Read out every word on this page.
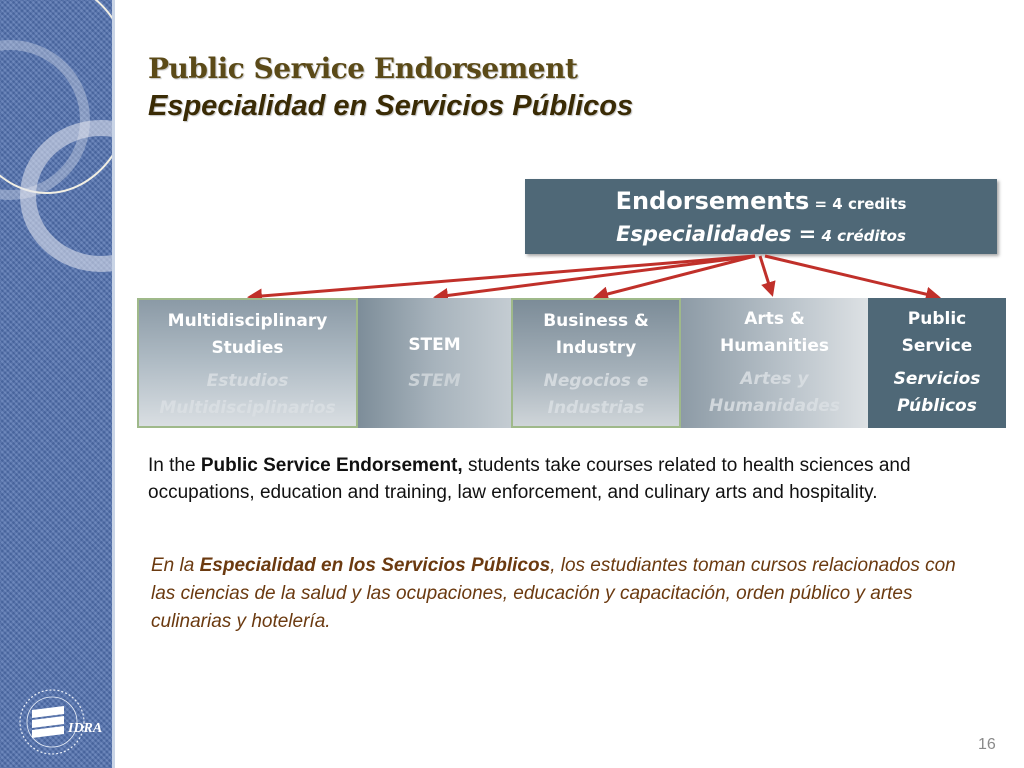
IDRA
Public Service Endorsement
Especialidad en Servicios Públicos
Endorsements = 4 credits
Especialidades = 4 créditos
Multidisciplinary
Studies
Estudios
Multidisciplinarios
STEM
STEM
Business &
Industry
Negocios e
Industrias
Arts &
Humanities
Artes y
Humanidades
Public
Service
Servicios
Públicos
In the Public Service Endorsement, students take courses related to health sciences and occupations, education and training, law enforcement, and culinary arts and hospitality.
En la Especialidad en los Servicios Públicos, los estudiantes toman cursos relacionados con las ciencias de la salud y las ocupaciones, educación y capacitación, orden público y artes culinarias y hotelería.
16
